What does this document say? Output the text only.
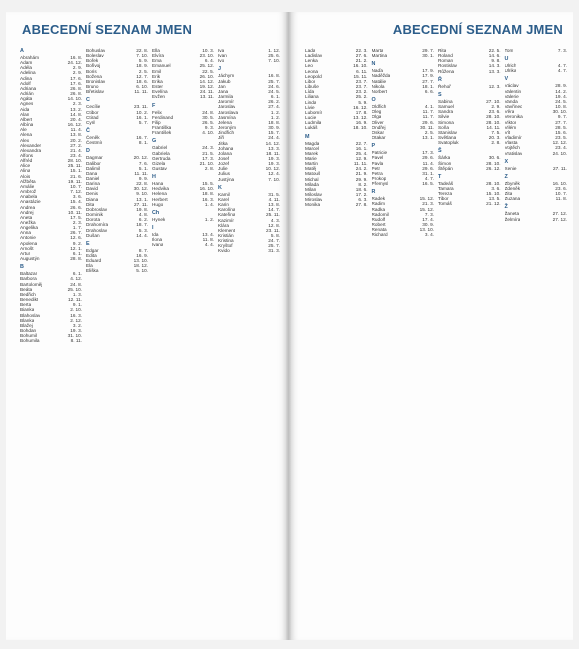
ABECEDNÍ SEZNAM JMEN
A
Abrahám	16. 8.
Adam	24. 12.
Adéla	2. 9.
Adelina	2. 9.
Adina	17. 6.
Adolf	17. 6.
Adriana	26. 8.
Adrián	26. 8.
Agáta	14. 10.
Agnes	2. 3.
Aida	13. 2.
Alan	14. 8.
Albert	20. 4.
Albína	16. 12.
Ale	11. 4.
Alena	13. 8.
Alex	20. 2.
Alexander	27. 2.
Alexandra	21. 4.
Alfons	23. 4.
Alfréd	28. 10.
Alice	25. 11.
Alina	15. 1.
Alois	21. 6.
Alžběta	19. 11.
Amálie	10. 7.
Ambrož	7. 12.
Anabela	3. 6.
Anastázie	15. 4.
Andrea	26. 6.
Andrej	10. 11.
Aneta	17. 5.
Anežka	2. 3.
Angelika	1. 7.
Anna	26. 7.
Antonie	12. 6.
Apolena	9. 2.
Arnošt	12. 1.
Artur	6. 1.
Augustýn	28. 8.
B
Baltazar	6. 1.
Barbora	4. 12.
Bartoloměj	24. 8.
Beáta	25. 10.
Bedřich	1. 3.
Benedikt	12. 11.
Berta	9. 1.
Bianka	2. 10.
Blahoslav	16. 3.
Blanka	2. 12.
Blažej	3. 2.
Bohdan	19. 3.
Bohumil	31. 10.
Bohumila	8. 11.
Bohuslav	22. 8.
Boleslav	7. 10.
Bořek	5. 9.
Bořivoj	18. 9.
Boris	2. 5.
Božena	12. 7.
Bronislav	18. 6.
Bruno	6. 10.
Břetislav	11. 11.
C
Cecílie	23. 11.
Ctibor	10. 2.
Ctirad	16. 1.
Cyril	5. 7.
Č
Čeněk	16. 7.
Čestmír	8. 1.
D
Dagmar	20. 12.
Dalibor	7. 6.
Dalimil	5. 1.
Dana	11. 11.
Daniel	9. 9.
Darina	22. 8.
David	30. 12.
Denis	9. 10.
Diana	13. 1.
Dita	27. 11.
Dobroslav	19. 8.
Dominik	4. 8.
Dorota	6. 2.
Drahomíra	18. 7.
Drahoslav	5. 3.
Dušan	14. 4.
E
Edgar	8. 7.
Edita	16. 9.
Eduard	13. 10.
Ela	18. 12.
Eliška	5. 10.
Ella	10. 3.
Elvíra	23. 10.
Ema	6. 4.
Emanuel	25. 12.
Emil	22. 5.
Erik	26. 10.
Erika	14. 12.
Ester	19. 12.
Evelína	24. 11.
Evžen	13. 11.
F
Felix	24. 8.
Ferdinand	30. 5.
Filip	26. 5.
Františka	9. 3.
František	4. 10.
G
Gabriel	24. 3.
Gabriela	21. 5.
Gertruda	17. 3.
Gizela	21. 10.
Gustav	2. 8.
H
Hana	15. 5.
Hedvika	16. 10.
Helena	18. 8.
Herbert	16. 3.
Hugo	1. 4.
Ch
Hynek	1. 2.
I
Ida	13. 4.
Ilona	11. 8.
Ivana	4. 4.
Iva	1. 12.
Ivan	25. 6.
Ivo	7. 10.
J
Jáchym	16. 8.
Jakub	25. 7.
Jan	24. 6.
Jana	24. 5.
Jarmila	6. 1.
Jaromír	26. 2.
Jaroslav	27. 4.
Jaroslava	1. 2.
Jasmína	1. 2.
Jelena	18. 8.
Jeroným	30. 9.
Jindřich	15. 7.
Jiří	24. 4.
Jitka	14. 12.
Johana	13. 3.
Jolana	18. 11.
Josef	19. 3.
Jozef	19. 3.
Julie	10. 12.
Julius	12. 4.
Justýna	7. 10.
K
Kamil	31. 5.
Karel	4. 11.
Karin	13. 8.
Karolína	14. 7.
Kateřina	25. 11.
Kazimír	4. 3.
Klára	12. 8.
Klement	23. 11.
Kristián	5. 8.
Kristina	24. 7.
Kryštof	25. 7.
Kvido	31. 3.
ABECEDNÍ SEZNAM JMEN
Lada	22. 3.
Ladislav	27. 6.
Lenka	21. 2.
Leo	16. 10.
Leona	6. 11.
Leopold	15. 11.
Libor	23. 7.
Libuše	23. 7.
Lída	23. 2.
Liliana	25. 2.
Linda	5. 9.
Livie	16. 12.
Lubomír	17. 8.
Lucie	13. 12.
Ludmila	16. 9.
Lukáš	18. 10.
M
Magda	22. 7.
Marcel	16. 1.
Marek	25. 4.
Marie	12. 9.
Martin	11. 11.
Matěj	24. 2.
Matouš	21. 9.
Michal	29. 9.
Milada	8. 2.
Milan	18. 6.
Miloslav	17. 2.
Miroslav	6. 3.
Monika	27. 8.
Marta	29. 7.
Martina	30. 1.
N
Naďa	17. 9.
Naděžda	17. 9.
Natálie	27. 7.
Nikola	18. 1.
Norbert	6. 6.
O
Oldřich	4. 1.
Oleg	11. 7.
Olga	11. 7.
Oliver	29. 6.
Ondřej	30. 11.
Oskar	2. 5.
Otakar	13. 1.
P
Patricie	17. 3.
Pavel	29. 6.
Pavla	11. 4.
Petr	29. 6.
Petra	31. 1.
Prokop	4. 7.
Přemysl	16. 5.
R
Radek	15. 12.
Radim	21. 3.
Radka	15. 12.
Radomil	7. 3.
Rudolf	17. 4.
Robert	30. 9.
Renata	13. 10.
Richard	3. 4.
Rita	22. 5.
Roland	14. 6.
Roman	9. 8.
Rostislav	14. 3.
Růžena	13. 3.
Ř
Řehoř	12. 3.
S
Sabina	27. 10.
Samuel	2. 9.
Sandra	23. 6.
Silvie	28. 10.
Simona	28. 10.
Soňa	14. 11.
Stanislav	7. 5.
Světlana	20. 3.
Svatopluk	2. 8.
Š
Šárka	30. 6.
Šimon	28. 10.
Štěpán	26. 12.
T
Tadeáš	28. 10.
Tamara	3. 6.
Tereza	15. 10.
Tibor	13. 5.
Tomáš	21. 12.
Tom	7. 3.
U
Ulrich	4. 7.
Ulrika	4. 7.
V
Václav	28. 9.
Valentin	14. 2.
Valerie	19. 4.
Vanda	24. 5.
Vavřinec	10. 8.
Věra	30. 10.
Veronika	9. 7.
Viktor	27. 7.
Vilém	28. 5.
Vít	15. 6.
Vladimír	23. 5.
Vlasta	12. 12.
Vojtěch	23. 4.
Vratislav	24. 10.
X
Xenie	27. 11.
Z
Zbyněk	16. 10.
Zdeněk	23. 6.
Zita	10. 7.
Zuzana	11. 8.
Ž
Žaneta	27. 12.
Želmíra	27. 12.
